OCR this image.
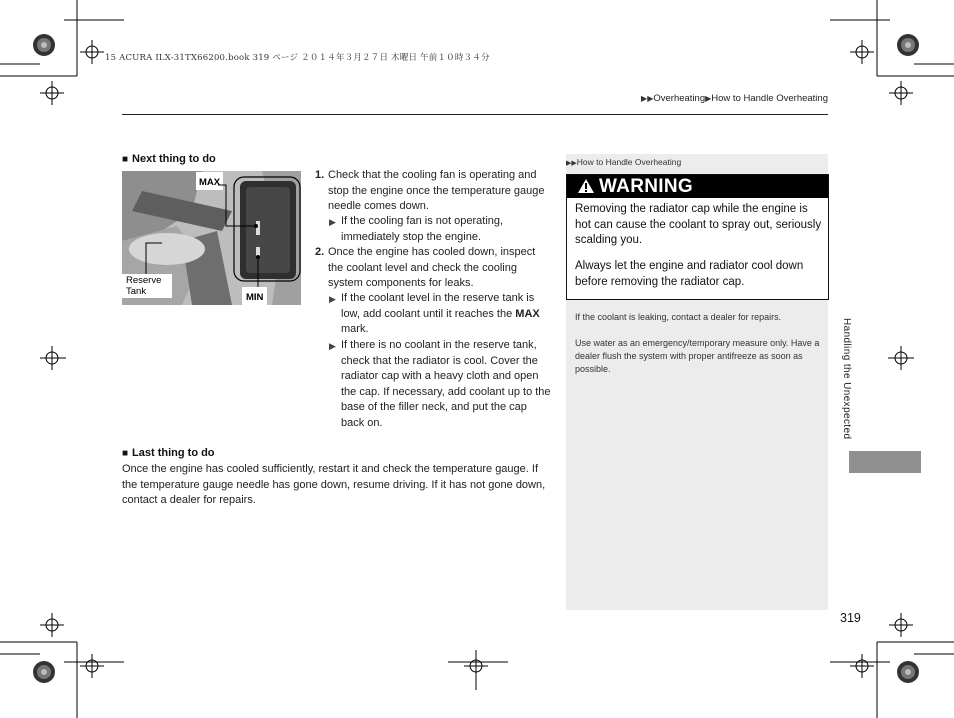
15 ACURA ILX-31TX66200.book 319 ページ ２０１４年３月２７日 木曜日 午前１０時３４分
▶▶Overheating▶How to Handle Overheating
■ Next thing to do
MAX
Reserve
Tank
MIN
1. Check that the cooling fan is operating and stop the engine once the temperature gauge needle comes down.
▶ If the cooling fan is not operating, immediately stop the engine.
2. Once the engine has cooled down, inspect the coolant level and check the cooling system components for leaks.
▶ If the coolant level in the reserve tank is low, add coolant until it reaches the MAX mark.
▶ If there is no coolant in the reserve tank, check that the radiator is cool. Cover the radiator cap with a heavy cloth and open the cap. If necessary, add coolant up to the base of the filler neck, and put the cap back on.
■ Last thing to do
Once the engine has cooled sufficiently, restart it and check the temperature gauge. If the temperature gauge needle has gone down, resume driving. If it has not gone down, contact a dealer for repairs.
▶▶How to Handle Overheating
WARNING
Removing the radiator cap while the engine is hot can cause the coolant to spray out, seriously scalding you.
Always let the engine and radiator cool down before removing the radiator cap.
If the coolant is leaking, contact a dealer for repairs.
Use water as an emergency/temporary measure only. Have a dealer flush the system with proper antifreeze as soon as possible.	Handling the Unexpected
319
